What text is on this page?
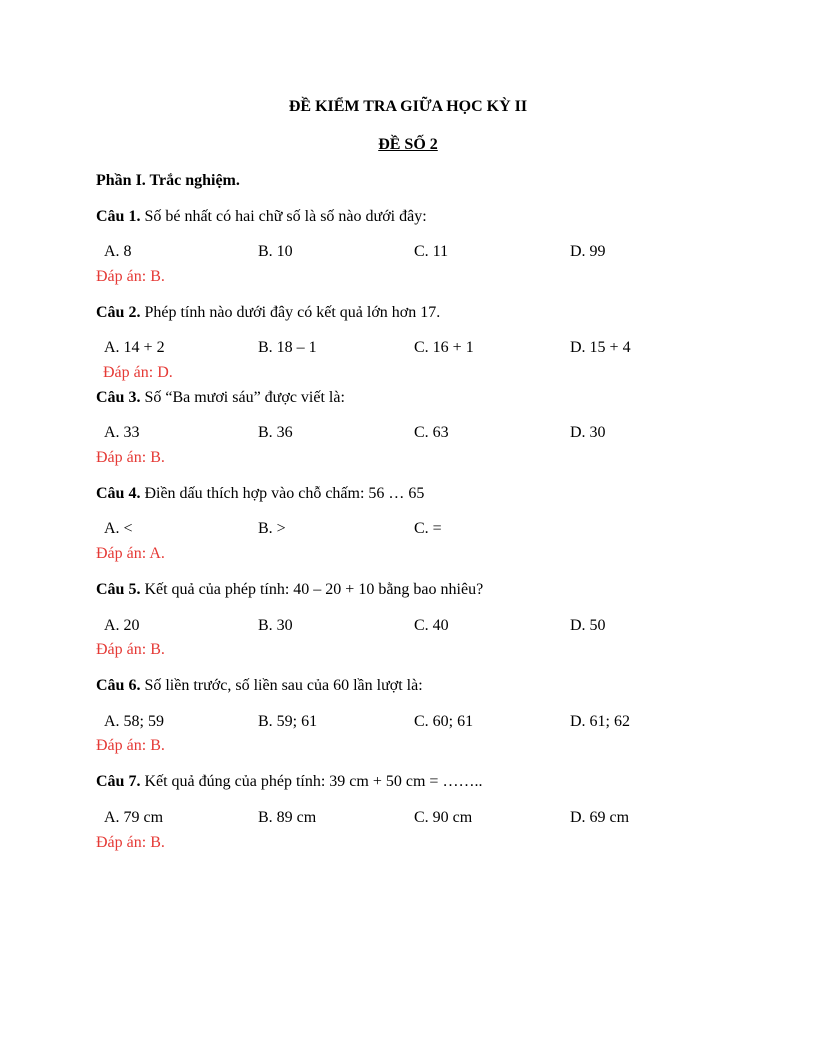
ĐỀ KIỂM TRA GIỮA HỌC KỲ II
ĐỀ SỐ 2
Phần I. Trắc nghiệm.
Câu 1. Số bé nhất có hai chữ số là số nào dưới đây:
A. 8	B. 10	C. 11	D. 99
Đáp án: B.
Câu 2. Phép tính nào dưới đây có kết quả lớn hơn 17.
A. 14 + 2	B. 18 – 1	C. 16 + 1	D. 15 + 4
Đáp án: D.
Câu 3. Số “Ba mươi sáu” được viết là:
A. 33	B. 36	C. 63	D. 30
Đáp án: B.
Câu 4. Điền dấu thích hợp vào chỗ chấm: 56 … 65
A. <	B. >	C. =
Đáp án: A.
Câu 5. Kết quả của phép tính: 40 – 20 + 10 bằng bao nhiêu?
A. 20	B. 30	C. 40	D. 50
Đáp án: B.
Câu 6. Số liền trước, số liền sau của 60 lần lượt là:
A. 58; 59	B. 59; 61	C. 60; 61	D. 61; 62
Đáp án: B.
Câu 7. Kết quả đúng của phép tính: 39 cm + 50 cm = ……..
A. 79 cm	B. 89 cm	C. 90 cm	D. 69 cm
Đáp án: B.
